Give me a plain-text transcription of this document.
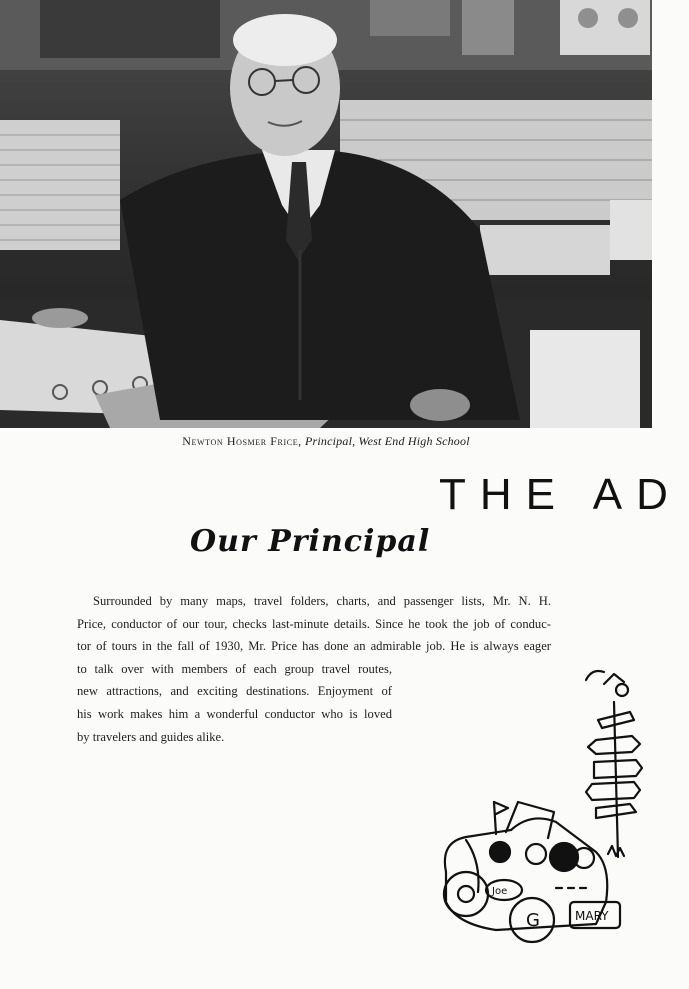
Newton Hosmer Frice, Principal, West End High School
THE AD
Our Principal
Surrounded by many maps, travel folders, charts, and passenger lists, Mr. N. H.
Price, conductor of our tour, checks last-minute details. Since he took the job of conduc-
tor of tours in the fall of 1930, Mr. Price has done an admirable job. He is always eager
to talk over with members of each group travel routes,
new attractions, and exciting destinations. Enjoyment of
his work makes him a wonderful conductor who is loved
by travelers and guides alike.
G
Joe
MARY
